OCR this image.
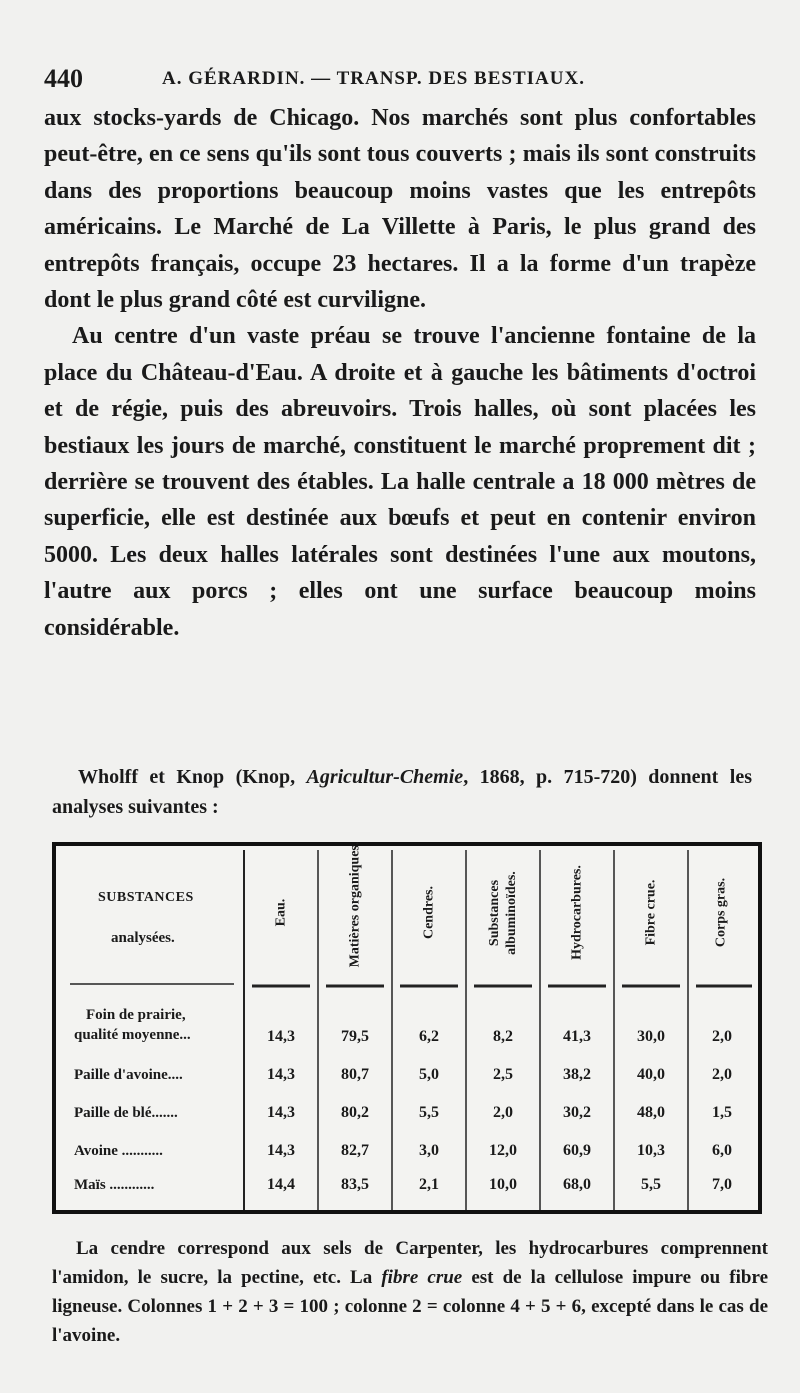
440	A. GÉRARDIN. — TRANSP. DES BESTIAUX.

aux stocks-yards de Chicago. Nos marchés sont plus confortables peut-être, en ce sens qu'ils sont tous couverts ; mais ils sont construits dans des proportions beaucoup moins vastes que les entrepôts américains. Le Marché de La Villette à Paris, le plus grand des entrepôts français, occupe 23 hectares. Il a la forme d'un trapèze dont le plus grand côté est curviligne.

Au centre d'un vaste préau se trouve l'ancienne fontaine de la place du Château-d'Eau. A droite et à gauche les bâtiments d'octroi et de régie, puis des abreuvoirs. Trois halles, où sont placées les bestiaux les jours de marché, constituent le marché proprement dit ; derrière se trouvent des étables. La halle centrale a 18 000 mètres de superficie, elle est destinée aux bœufs et peut en contenir environ 5000. Les deux halles latérales sont destinées l'une aux moutons, l'autre aux porcs ; elles ont une surface beaucoup moins considérable.

Wholff et Knop (Knop, Agricultur-Chemie, 1868, p. 715-720) donnent les analyses suivantes :

SUBSTANCES
analysées.
Eau.	Matières organiques.	Cendres.	Substances albuminoïdes.	Hydrocarbures.	Fibre crue.	Corps gras.
Foin de prairie,
qualité moyenne...	14,3	79,5	6,2	8,2	41,3	30,0	2,0
Paille d'avoine....	14,3	80,7	5,0	2,5	38,2	40,0	2,0
Paille de blé.......	14,3	80,2	5,5	2,0	30,2	48,0	1,5
Avoine ...........	14,3	82,7	3,0	12,0	60,9	10,3	6,0
Maïs ............	14,4	83,5	2,1	10,0	68,0	5,5	7,0

La cendre correspond aux sels de Carpenter, les hydrocarbures comprennent l'amidon, le sucre, la pectine, etc. La fibre crue est de la cellulose impure ou fibre ligneuse. Colonnes 1 + 2 + 3 = 100 ; colonne 2 = colonne 4 + 5 + 6, excepté dans le cas de l'avoine.
